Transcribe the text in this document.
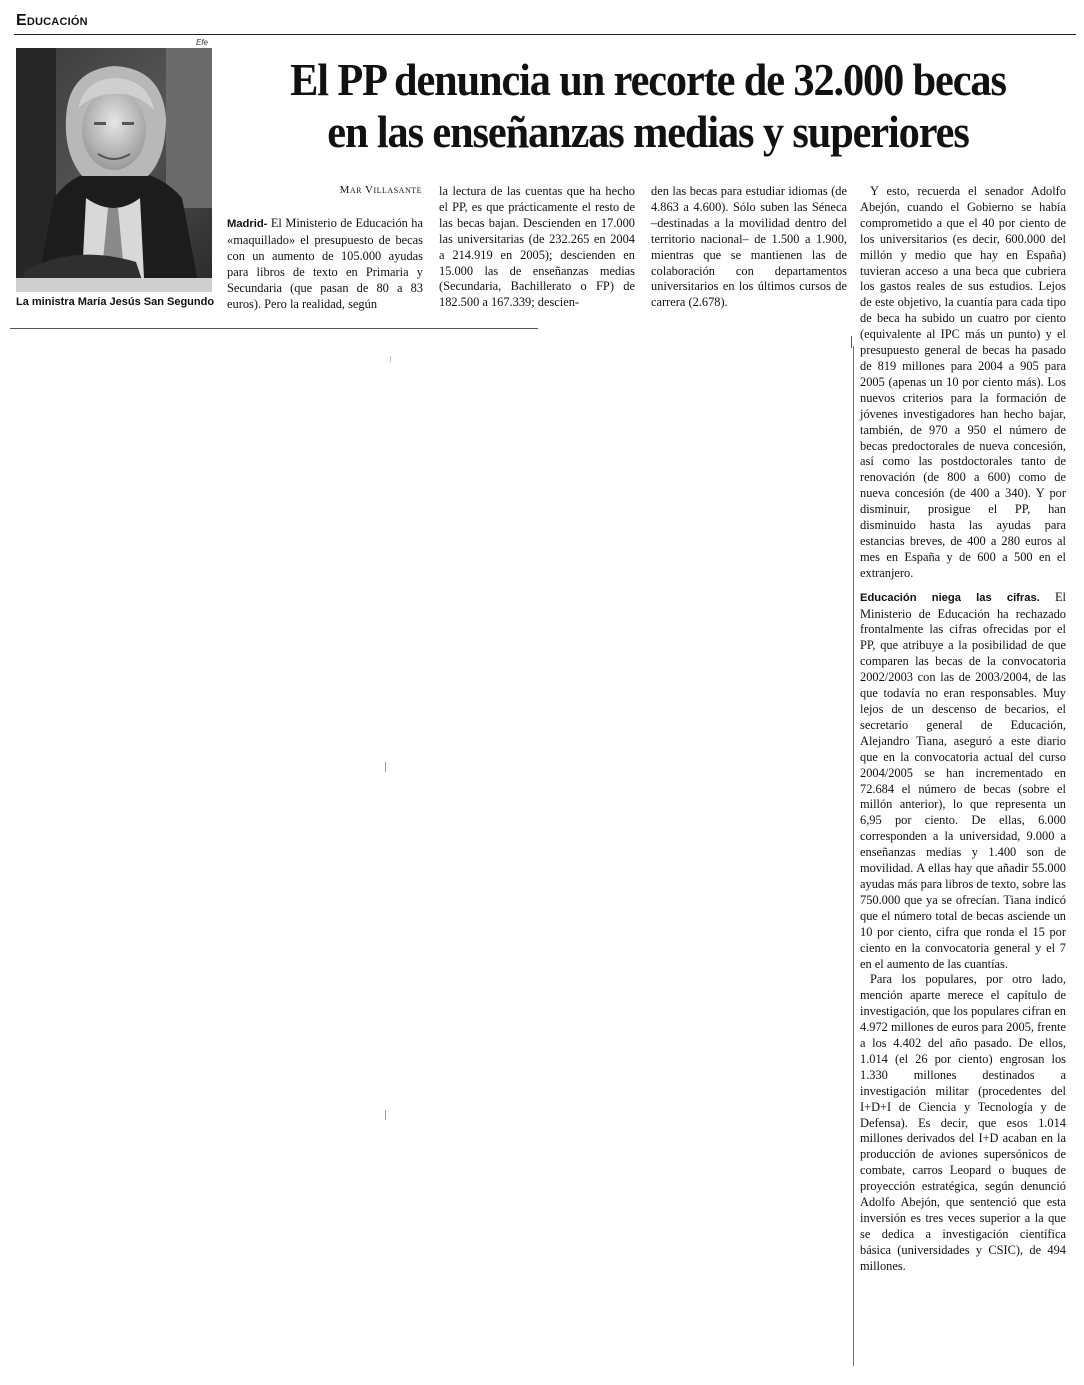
Educación
Efe
La ministra María Jesús San Segundo
El PP denuncia un recorte de 32.000 becas
en las enseñanzas medias y superiores
Mar Villasante

Madrid- El Ministerio de Educación ha «maquillado» el presupuesto de becas con un aumento de 105.000 ayudas para libros de texto en Primaria y Secundaria (que pasan de 80 a 83 euros). Pero la realidad, según

la lectura de las cuentas que ha hecho el PP, es que prácticamente el resto de las becas bajan. Descienden en 17.000 las universitarias (de 232.265 en 2004 a 214.919 en 2005); descienden en 15.000 las de enseñanzas medias (Secundaria, Bachillerato o FP) de 182.500 a 167.339; descien-

den las becas para estudiar idiomas (de 4.863 a 4.600). Sólo suben las Séneca –destinadas a la movilidad dentro del territorio nacional– de 1.500 a 1.900, mientras que se mantienen las de colaboración con departamentos universitarios en los últimos cursos de carrera (2.678).

Y esto, recuerda el senador Adolfo Abejón, cuando el Gobierno se había comprometido a que el 40 por ciento de los universitarios (es decir, 600.000 del millón y medio que hay en España) tuvieran acceso a una beca que cubriera los gastos reales de sus estudios. Lejos de este objetivo, la cuantía para cada tipo de beca ha subido un cuatro por ciento (equivalente al IPC más un punto) y el presupuesto general de becas ha pasado de 819 millones para 2004 a 905 para 2005 (apenas un 10 por ciento más). Los nuevos criterios para la formación de jóvenes investigadores han hecho bajar, también, de 970 a 950 el número de becas predoctorales de nueva concesión, así como las postdoctorales tanto de renovación (de 800 a 600) como de nueva concesión (de 400 a 340). Y por disminuir, prosigue el PP, han disminuido hasta las ayudas para estancias breves, de 400 a 280 euros al mes en España y de 600 a 500 en el extranjero.

Educación niega las cifras. El Ministerio de Educación ha rechazado frontalmente las cifras ofrecidas por el PP, que atribuye a la posibilidad de que comparen las becas de la convocatoria 2002/2003 con las de 2003/2004, de las que todavía no eran responsables. Muy lejos de un descenso de becarios, el secretario general de Educación, Alejandro Tiana, aseguró a este diario que en la convocatoria actual del curso 2004/2005 se han incrementado en 72.684 el número de becas (sobre el millón anterior), lo que representa un 6,95 por ciento. De ellas, 6.000 corresponden a la universidad, 9.000 a enseñanzas medias y 1.400 son de movilidad. A ellas hay que añadir 55.000 ayudas más para libros de texto, sobre las 750.000 que ya se ofrecían. Tiana indicó que el número total de becas asciende un 10 por ciento, cifra que ronda el 15 por ciento en la convocatoria general y el 7 en el aumento de las cuantías.

Para los populares, por otro lado, mención aparte merece el capítulo de investigación, que los populares cifran en 4.972 millones de euros para 2005, frente a los 4.402 del año pasado. De ellos, 1.014 (el 26 por ciento) engrosan los 1.330 millones destinados a investigación militar (procedentes del I+D+I de Ciencia y Tecnología y de Defensa). Es decir, que esos 1.014 millones derivados del I+D acaban en la producción de aviones supersónicos de combate, carros Leopard o buques de proyección estratégica, según denunció Adolfo Abejón, que sentenció que esta inversión es tres veces superior a la que se dedica a investigación científica básica (universidades y CSIC), de 494 millones.
